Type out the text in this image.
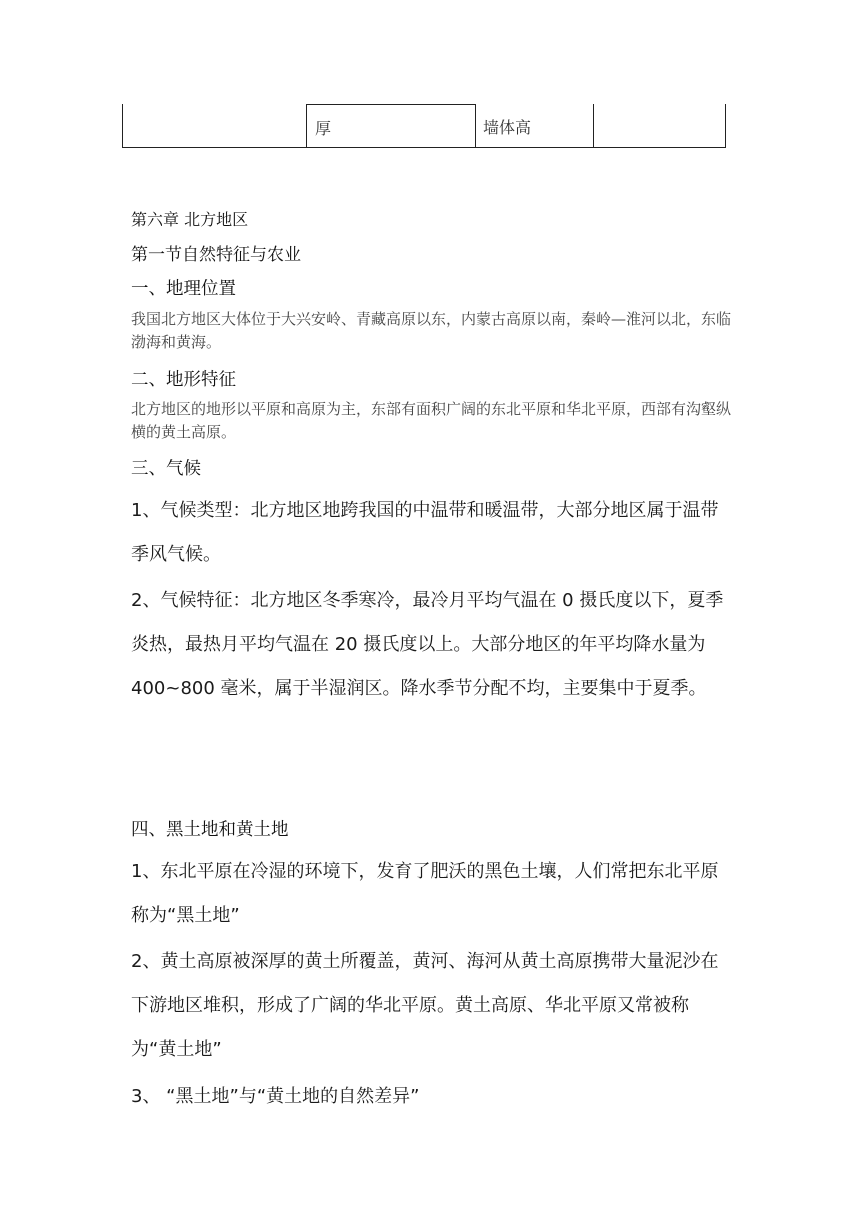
厚	墙体高
第六章 北方地区
第一节自然特征与农业
一、地理位置
我国北方地区大体位于大兴安岭、青藏高原以东，内蒙古高原以南，秦岭—淮河以北，东临渤海和黄海。
二、地形特征
北方地区的地形以平原和高原为主，东部有面积广阔的东北平原和华北平原，西部有沟壑纵横的黄土高原。
三、气候
1、气候类型：北方地区地跨我国的中温带和暖温带，大部分地区属于温带季风气候。
2、气候特征：北方地区冬季寒冷，最冷月平均气温在 0 摄氏度以下，夏季炎热，最热月平均气温在 20 摄氏度以上。大部分地区的年平均降水量为 400~800 毫米，属于半湿润区。降水季节分配不均，主要集中于夏季。
四、黑土地和黄土地
1、东北平原在冷湿的环境下，发育了肥沃的黑色土壤，人们常把东北平原称为“黑土地”
2、黄土高原被深厚的黄土所覆盖，黄河、海河从黄土高原携带大量泥沙在下游地区堆积，形成了广阔的华北平原。黄土高原、华北平原又常被称为“黄土地”
3、 “黑土地”与“黄土地的自然差异”
